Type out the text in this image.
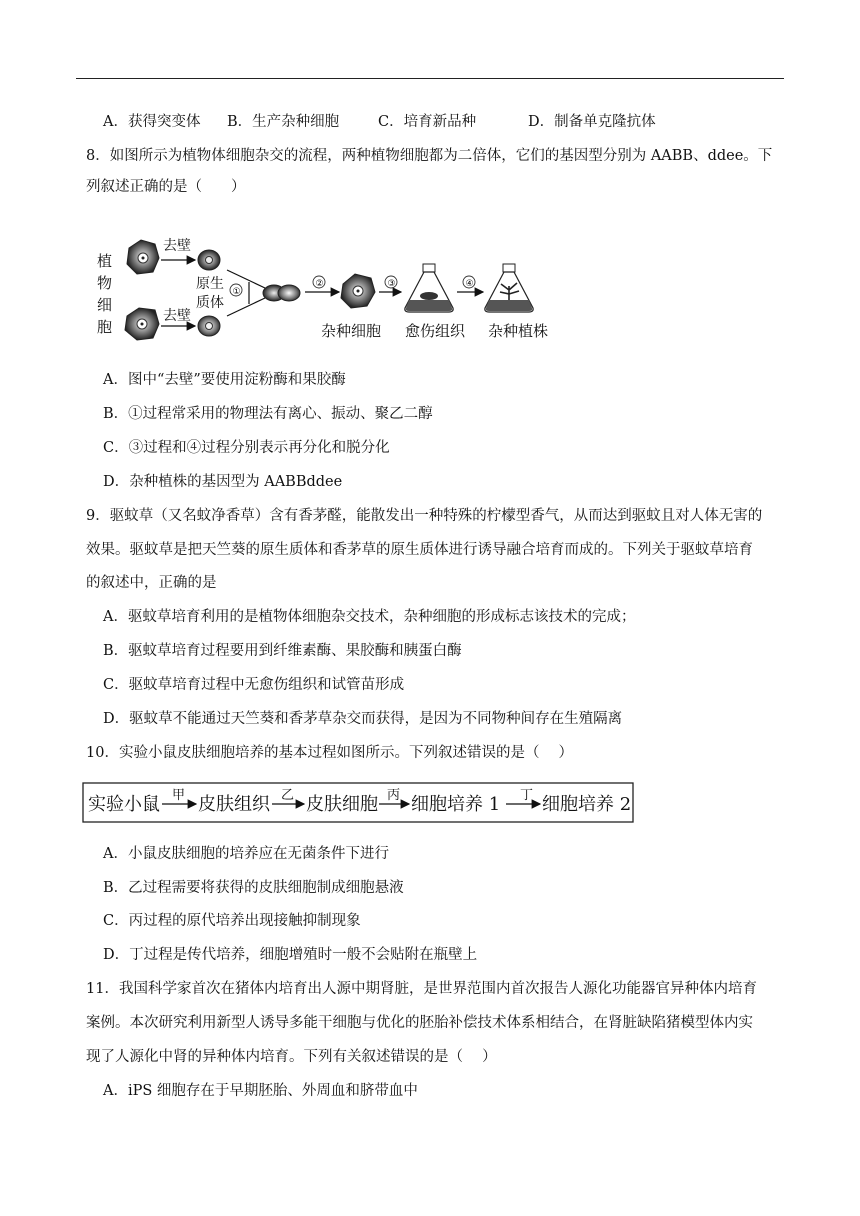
A．获得突变体 B．生产杂种细胞	C．培育新品种	D．制备单克隆抗体
8．如图所示为植物体细胞杂交的流程，两种植物细胞都为二倍体，它们的基因型分别为 AABB、ddee。下
列叙述正确的是（　　）
植
物
细
胞
去壁
去壁
原生
质体
①
②
杂种细胞
③
愈伤组织
④
杂种植株
A．图中“去壁”要使用淀粉酶和果胶酶
B．①过程常采用的物理法有离心、振动、聚乙二醇
C．③过程和④过程分别表示再分化和脱分化
D．杂种植株的基因型为 AABBddee
9．驱蚊草（又名蚊净香草）含有香茅醛，能散发出一种特殊的柠檬型香气，从而达到驱蚊且对人体无害的
效果。驱蚊草是把天竺葵的原生质体和香茅草的原生质体进行诱导融合培育而成的。下列关于驱蚊草培育
的叙述中，正确的是
A．驱蚊草培育利用的是植物体细胞杂交技术，杂种细胞的形成标志该技术的完成；
B．驱蚊草培育过程要用到纤维素酶、果胶酶和胰蛋白酶
C．驱蚊草培育过程中无愈伤组织和试管苗形成
D．驱蚊草不能通过天竺葵和香茅草杂交而获得，是因为不同物种间存在生殖隔离
10．实验小鼠皮肤细胞培养的基本过程如图所示。下列叙述错误的是（　 ）
实验小鼠 甲 皮肤组织 乙 皮肤细胞 丙 细胞培养 1 丁 细胞培养 2
A．小鼠皮肤细胞的培养应在无菌条件下进行
B．乙过程需要将获得的皮肤细胞制成细胞悬液
C．丙过程的原代培养出现接触抑制现象
D．丁过程是传代培养，细胞增殖时一般不会贴附在瓶壁上
11．我国科学家首次在猪体内培育出人源中期肾脏，是世界范围内首次报告人源化功能器官异种体内培育
案例。本次研究利用新型人诱导多能干细胞与优化的胚胎补偿技术体系相结合，在肾脏缺陷猪模型体内实
现了人源化中肾的异种体内培育。下列有关叙述错误的是（　 ）
A．iPS 细胞存在于早期胚胎、外周血和脐带血中
